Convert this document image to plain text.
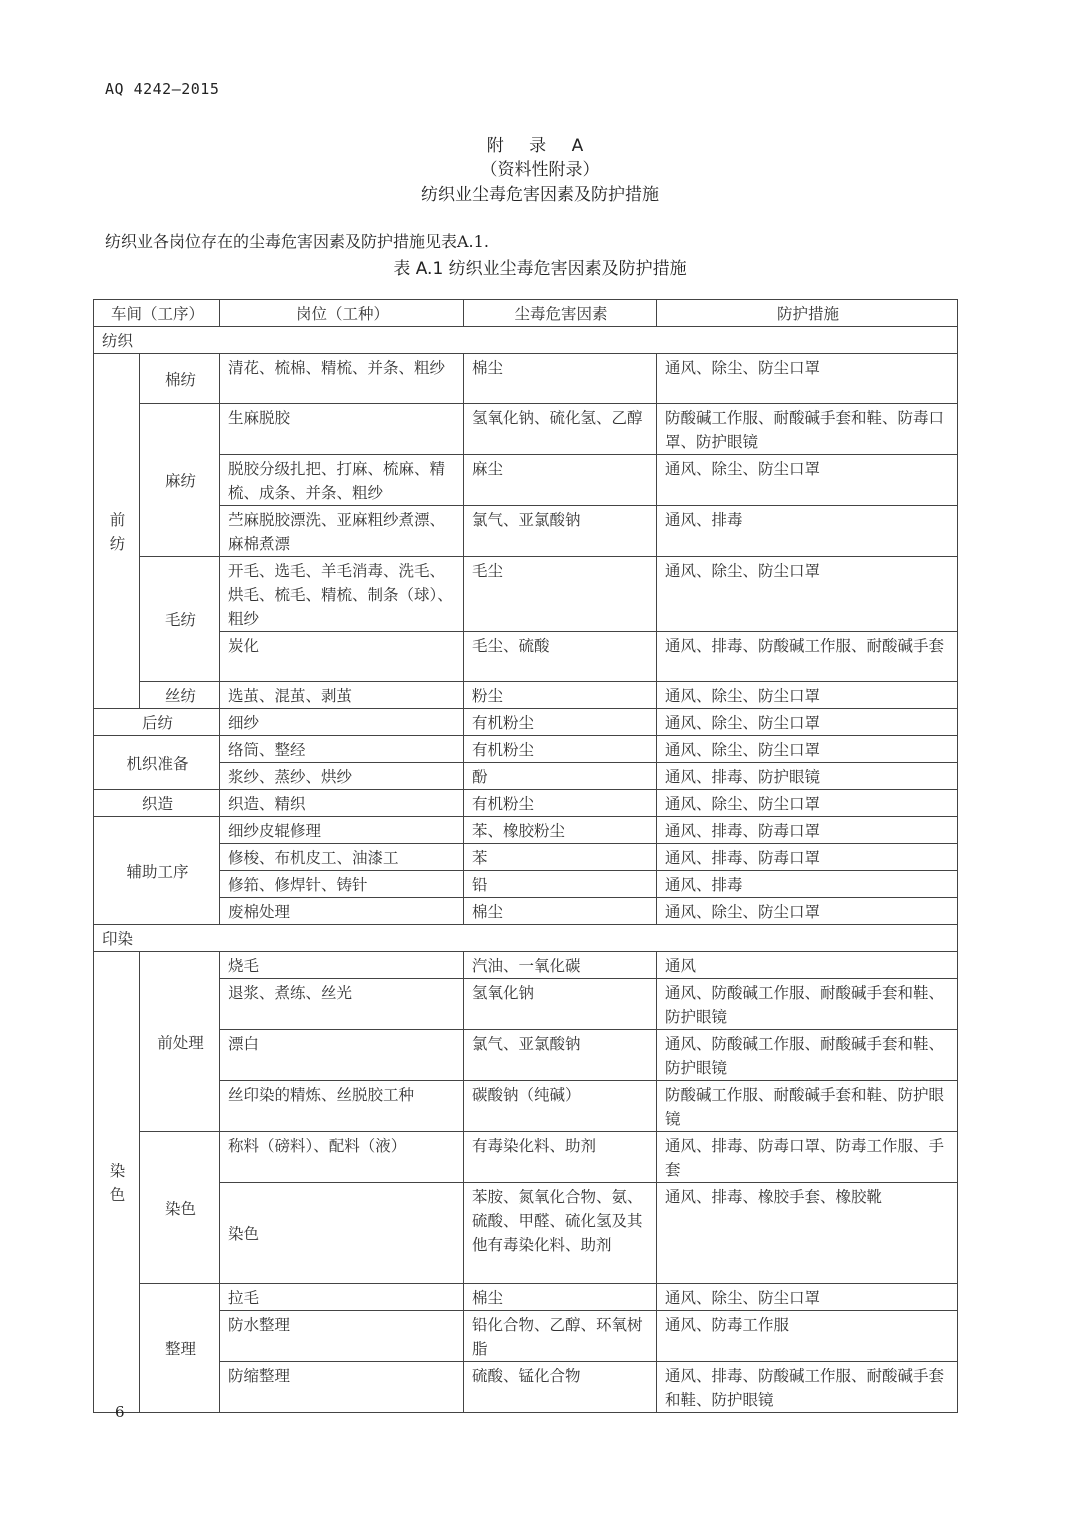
AQ 4242—2015
附 录 A
（资料性附录）
纺织业尘毒危害因素及防护措施
纺织业各岗位存在的尘毒危害因素及防护措施见表A.1.
表 A.1 纺织业尘毒危害因素及防护措施
车间（工序）		岗位（工种）	尘毒危害因素	防护措施
纺织				
前纺	棉纺	清花、梳棉、精梳、并条、粗纱	棉尘	通风、除尘、防尘口罩
	麻纺	生麻脱胶	氢氧化钠、硫化氢、乙醇	防酸碱工作服、耐酸碱手套和鞋、防毒口罩、防护眼镜
		脱胶分级扎把、打麻、梳麻、精梳、成条、并条、粗纱	麻尘	通风、除尘、防尘口罩
		苎麻脱胶漂洗、亚麻粗纱煮漂、麻棉煮漂	氯气、亚氯酸钠	通风、排毒
	毛纺	开毛、选毛、羊毛消毒、洗毛、烘毛、梳毛、精梳、制条（球）、粗纱	毛尘	通风、除尘、防尘口罩
		炭化	毛尘、硫酸	通风、排毒、防酸碱工作服、耐酸碱手套
	丝纺	选茧、混茧、剥茧	粉尘	通风、除尘、防尘口罩
后纺		细纱	有机粉尘	通风、除尘、防尘口罩
机织准备		络筒、整经	有机粉尘	通风、除尘、防尘口罩
		浆纱、蒸纱、烘纱	酚	通风、排毒、防护眼镜
织造		织造、精织	有机粉尘	通风、除尘、防尘口罩
辅助工序		细纱皮辊修理	苯、橡胶粉尘	通风、排毒、防毒口罩
		修梭、布机皮工、油漆工	苯	通风、排毒、防毒口罩
		修筘、修焊针、铸针	铅	通风、排毒
		废棉处理	棉尘	通风、除尘、防尘口罩
印染				
染色	前处理	烧毛	汽油、一氧化碳	通风
		退浆、煮练、丝光	氢氧化钠	通风、防酸碱工作服、耐酸碱手套和鞋、防护眼镜
		漂白	氯气、亚氯酸钠	通风、防酸碱工作服、耐酸碱手套和鞋、防护眼镜
		丝印染的精炼、丝脱胶工种	碳酸钠（纯碱）	防酸碱工作服、耐酸碱手套和鞋、防护眼镜
	染色	称料（磅料）、配料（液）	有毒染化料、助剂	通风、排毒、防毒口罩、防毒工作服、手套
		染色	苯胺、氮氧化合物、氨、硫酸、甲醛、硫化氢及其他有毒染化料、助剂	通风、排毒、橡胶手套、橡胶靴
	整理	拉毛	棉尘	通风、除尘、防尘口罩
		防水整理	铅化合物、乙醇、环氧树脂	通风、防毒工作服
		防缩整理	硫酸、锰化合物	通风、排毒、防酸碱工作服、耐酸碱手套和鞋、防护眼镜
6
